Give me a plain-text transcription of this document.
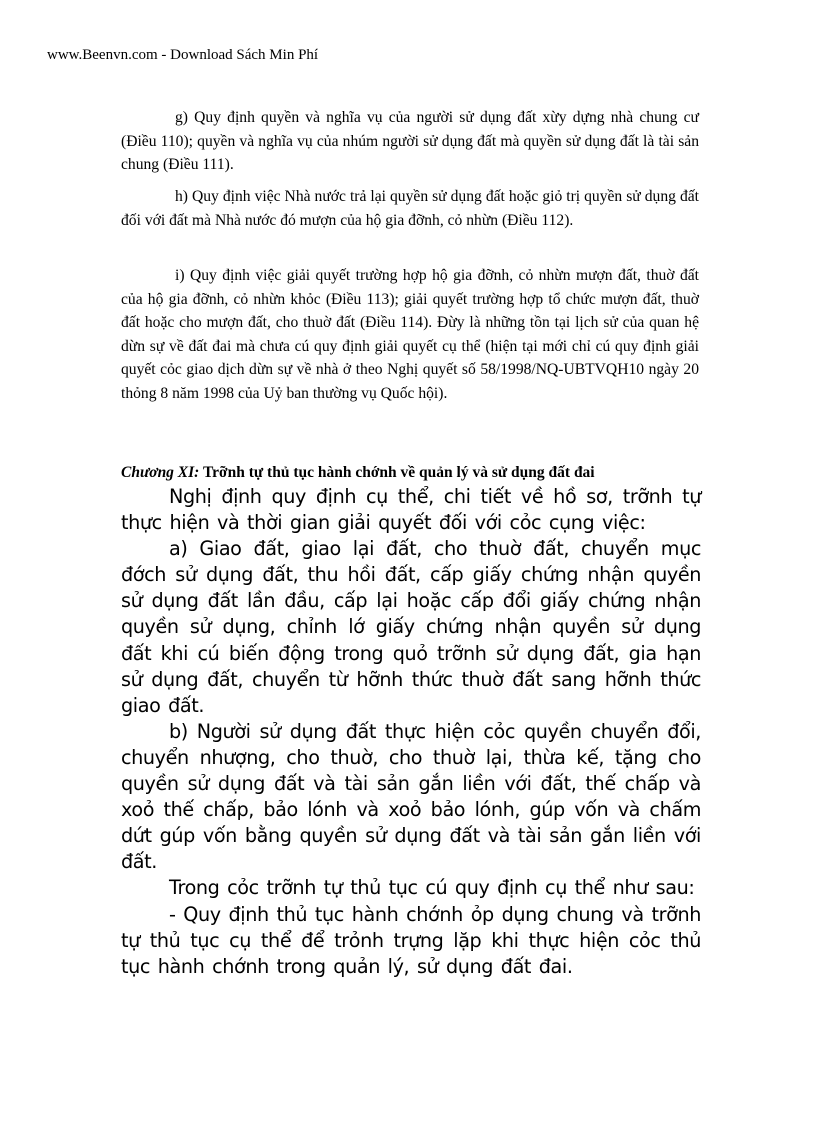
www.Beenvn.com - Download Sách Min Phí

g) Quy định quyền và nghĩa vụ của người sử dụng đất xừy dựng nhà chung cư (Điều 110); quyền và nghĩa vụ của nhúm người sử dụng đất mà quyền sử dụng đất là tài sản chung (Điều 111).

h) Quy định việc Nhà nước trả lại quyền sử dụng đất hoặc giỏ trị quyền sử dụng đất đối với đất mà Nhà nước đó mượn của hộ gia đỡnh, cỏ nhừn (Điều 112).

i) Quy định việc giải quyết trường hợp hộ gia đỡnh, cỏ nhừn mượn đất, thuờ đất của hộ gia đỡnh, cỏ nhừn khỏc (Điều 113); giải quyết trường hợp tổ chức mượn đất, thuờ đất hoặc cho mượn đất, cho thuờ đất (Điều 114). Đừy là những tồn tại lịch sử của quan hệ dừn sự về đất đai mà chưa cú quy định giải quyết cụ thể (hiện tại mới chỉ cú quy định giải quyết cỏc giao dịch dừn sự về nhà ở theo Nghị quyết số 58/1998/NQ-UBTVQH10 ngày 20 thỏng 8 năm 1998 của Uỷ ban thường vụ Quốc hội).

Chương XI: Trỡnh tự thủ tục hành chớnh về quản lý và sử dụng đất đai

Nghị định quy định cụ thể, chi tiết về hồ sơ, trỡnh tự thực hiện và thời gian giải quyết đối với cỏc cụng việc:

a) Giao đất, giao lại đất, cho thuờ đất, chuyển mục đớch sử dụng đất, thu hồi đất, cấp giấy chứng nhận quyền sử dụng đất lần đầu, cấp lại hoặc cấp đổi giấy chứng nhận quyền sử dụng, chỉnh lớ giấy chứng nhận quyền sử dụng đất khi cú biến động trong quỏ trỡnh sử dụng đất, gia hạn sử dụng đất, chuyển từ hỡnh thức thuờ đất sang hỡnh thức giao đất.

b) Người sử dụng đất thực hiện cỏc quyền chuyển đổi, chuyển nhượng, cho thuờ, cho thuờ lại, thừa kế, tặng cho quyền sử dụng đất và tài sản gắn liền với đất, thế chấp và xoỏ thế chấp, bảo lónh và xoỏ bảo lónh, gúp vốn và chấm dứt gúp vốn bằng quyền sử dụng đất và tài sản gắn liền với đất.

Trong cỏc trỡnh tự thủ tục cú quy định cụ thể như sau:

- Quy định thủ tục hành chớnh ỏp dụng chung và trỡnh tự thủ tục cụ thể để trỏnh trựng lặp khi thực hiện cỏc thủ tục hành chớnh trong quản lý, sử dụng đất đai.
